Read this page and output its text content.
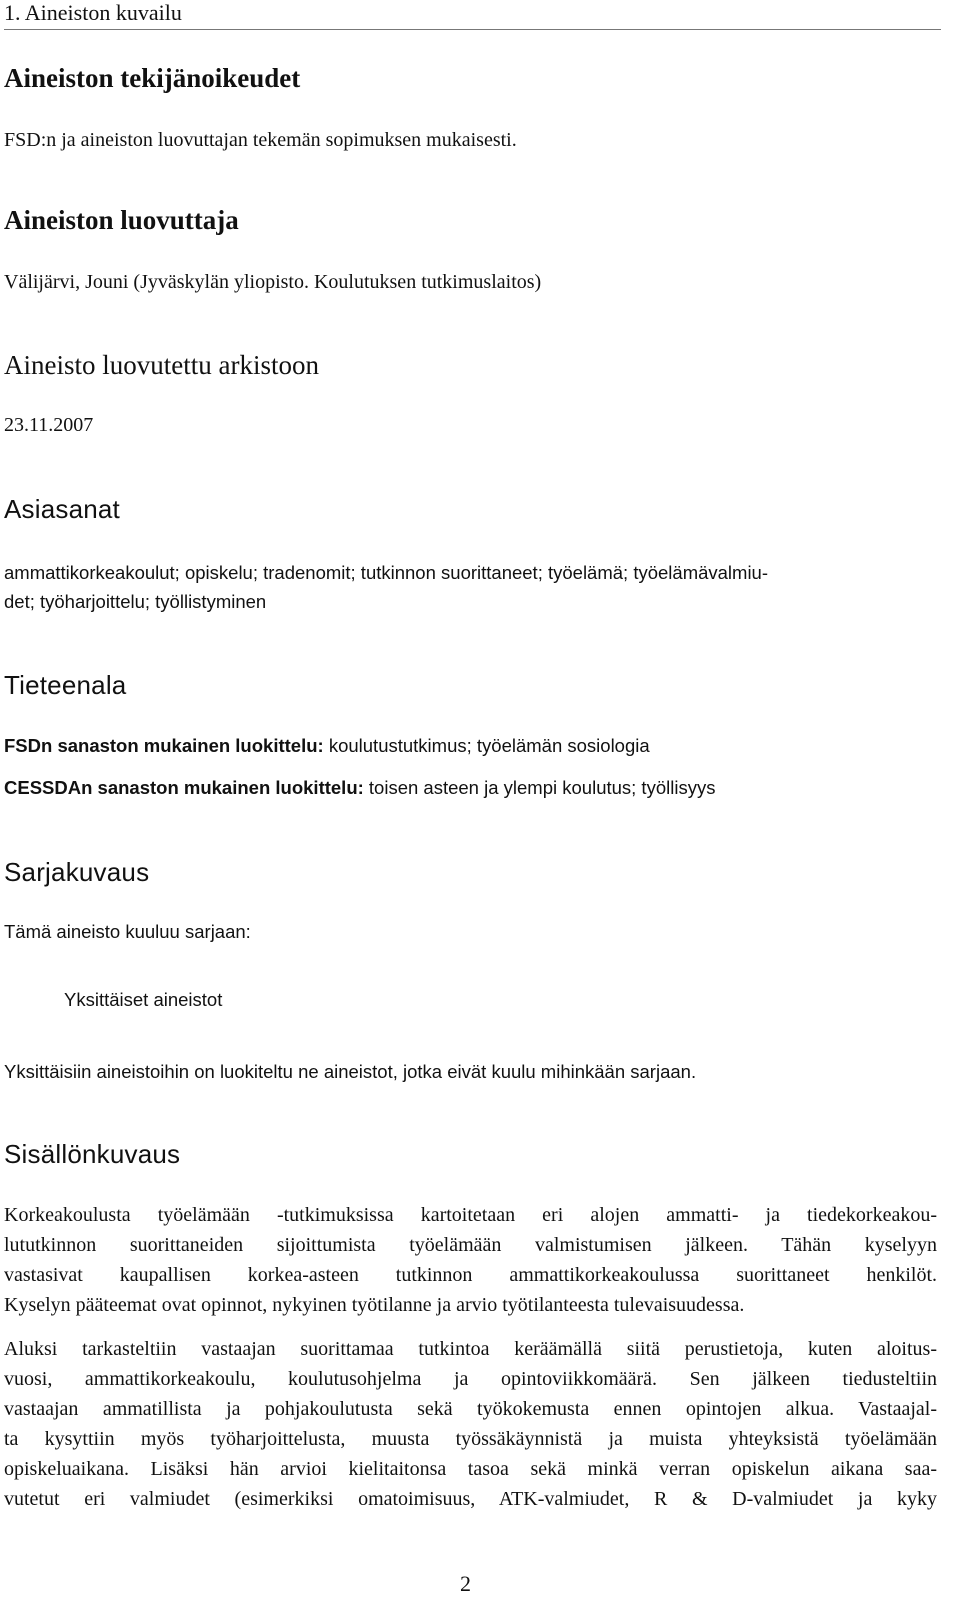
1. Aineiston kuvailu
Aineiston tekijänoikeudet

FSD:n ja aineiston luovuttajan tekemän sopimuksen mukaisesti.

Aineiston luovuttaja

Välijärvi, Jouni (Jyväskylän yliopisto. Koulutuksen tutkimuslaitos)

Aineisto luovutettu arkistoon

23.11.2007

Asiasanat

ammattikorkeakoulut; opiskelu; tradenomit; tutkinnon suorittaneet; työelämä; työelämävalmiu-

det; työharjoittelu; työllistyminen

Tieteenala

FSDn sanaston mukainen luokittelu: koulutustutkimus; työelämän sosiologia

CESSDAn sanaston mukainen luokittelu: toisen asteen ja ylempi koulutus; työllisyys

Sarjakuvaus

Tämä aineisto kuuluu sarjaan:

Yksittäiset aineistot

Yksittäisiin aineistoihin on luokiteltu ne aineistot, jotka eivät kuulu mihinkään sarjaan.

Sisällönkuvaus

Korkeakoulusta työelämään -tutkimuksissa kartoitetaan eri alojen ammatti- ja tiedekorkeakou-

lututkinnon suorittaneiden sijoittumista työelämään valmistumisen jälkeen. Tähän kyselyyn

vastasivat kaupallisen korkea-asteen tutkinnon ammattikorkeakoulussa suorittaneet henkilöt.

Kyselyn pääteemat ovat opinnot, nykyinen työtilanne ja arvio työtilanteesta tulevaisuudessa.

Aluksi tarkasteltiin vastaajan suorittamaa tutkintoa keräämällä siitä perustietoja, kuten aloitus-

vuosi, ammattikorkeakoulu, koulutusohjelma ja opintoviikkomäärä. Sen jälkeen tiedusteltiin

vastaajan ammatillista ja pohjakoulutusta sekä työkokemusta ennen opintojen alkua. Vastaajal-

ta kysyttiin myös työharjoittelusta, muusta työssäkäynnistä ja muista yhteyksistä työelämään

opiskeluaikana. Lisäksi hän arvioi kielitaitonsa tasoa sekä minkä verran opiskelun aikana saa-

vutetut eri valmiudet (esimerkiksi omatoimisuus, ATK-valmiudet, R & D-valmiudet ja kyky

2
